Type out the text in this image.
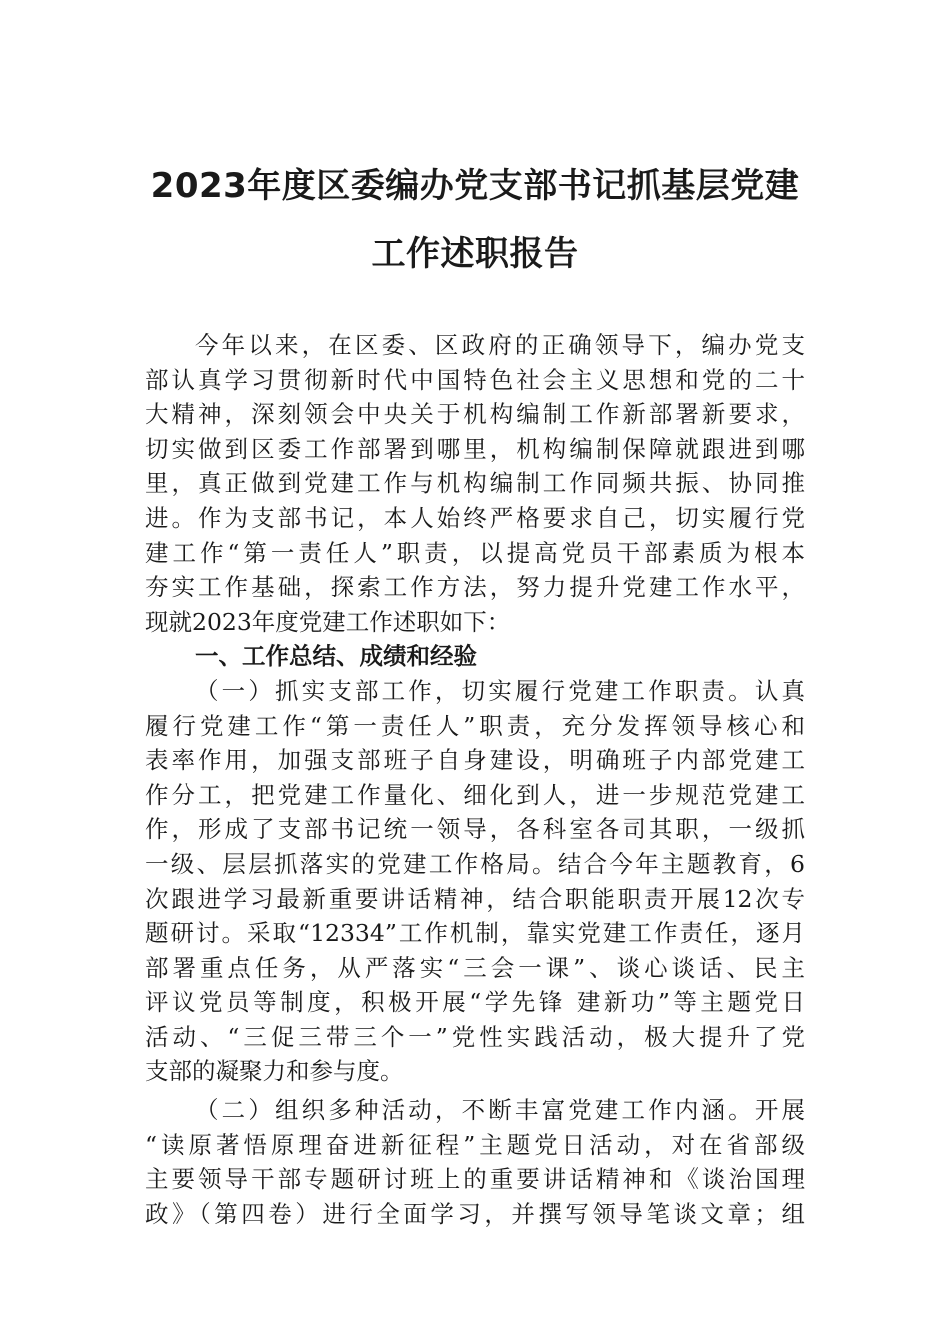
2023年度区委编办党支部书记抓基层党建
工作述职报告
今年以来，在区委、区政府的正确领导下，编办党支
部认真学习贯彻新时代中国特色社会主义思想和党的二十
大精神，深刻领会中央关于机构编制工作新部署新要求，
切实做到区委工作部署到哪里，机构编制保障就跟进到哪
里，真正做到党建工作与机构编制工作同频共振、协同推
进。作为支部书记，本人始终严格要求自己，切实履行党
建工作“第一责任人”职责，以提高党员干部素质为根本
夯实工作基础，探索工作方法，努力提升党建工作水平，
现就2023年度党建工作述职如下：
一、工作总结、成绩和经验
（一）抓实支部工作，切实履行党建工作职责。认真
履行党建工作“第一责任人”职责，充分发挥领导核心和
表率作用，加强支部班子自身建设，明确班子内部党建工
作分工，把党建工作量化、细化到人，进一步规范党建工
作，形成了支部书记统一领导，各科室各司其职，一级抓
一级、层层抓落实的党建工作格局。结合今年主题教育，6
次跟进学习最新重要讲话精神，结合职能职责开展12次专
题研讨。采取“12334”工作机制，靠实党建工作责任，逐月
部署重点任务，从严落实“三会一课”、谈心谈话、民主
评议党员等制度，积极开展“学先锋 建新功”等主题党日
活动、“三促三带三个一”党性实践活动，极大提升了党
支部的凝聚力和参与度。
（二）组织多种活动，不断丰富党建工作内涵。开展
“读原著悟原理奋进新征程”主题党日活动，对在省部级
主要领导干部专题研讨班上的重要讲话精神和《谈治国理
政》（第四卷）进行全面学习，并撰写领导笔谈文章；组
